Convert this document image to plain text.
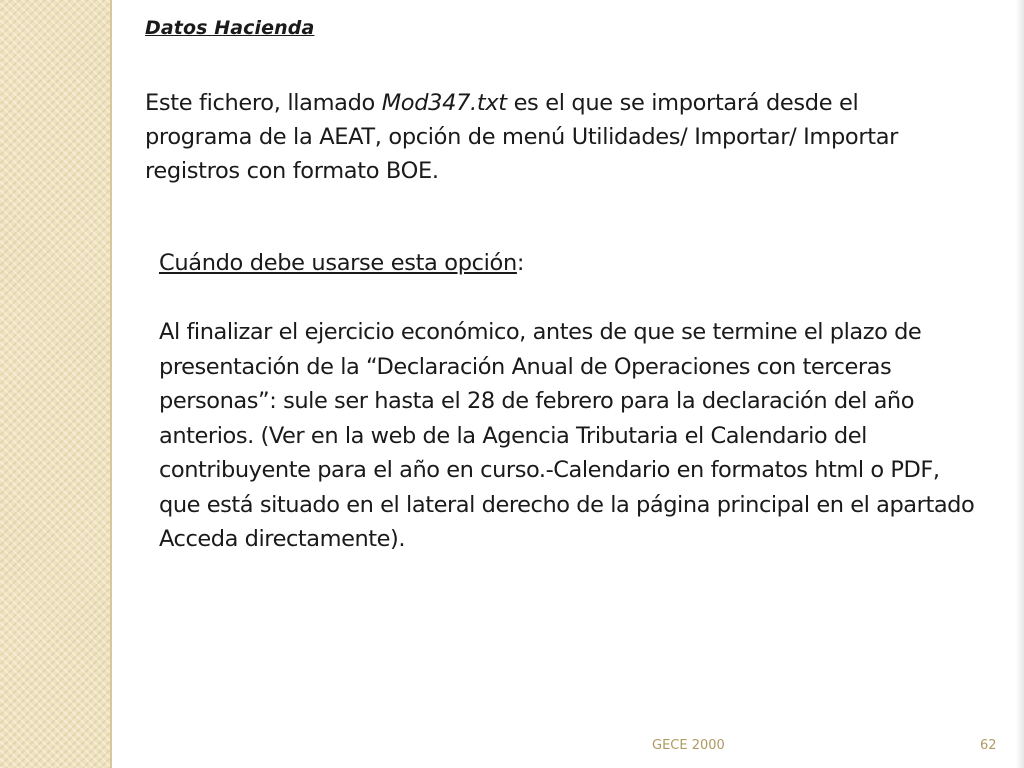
Datos Hacienda

Este fichero, llamado Mod347.txt es el que se importará desde el programa de la AEAT, opción de menú Utilidades/ Importar/ Importar registros con formato BOE.

Cuándo debe usarse esta opción:

Al finalizar el ejercicio económico, antes de que se termine el plazo de presentación de la “Declaración Anual de Operaciones con terceras personas”: sule ser hasta el 28 de febrero para la declaración del año anterios. (Ver en la web de la Agencia Tributaria el Calendario del contribuyente para el año en curso.-Calendario en formatos html o PDF, que está situado en el lateral derecho de la página principal en el apartado Acceda directamente).

GECE 2000	62
